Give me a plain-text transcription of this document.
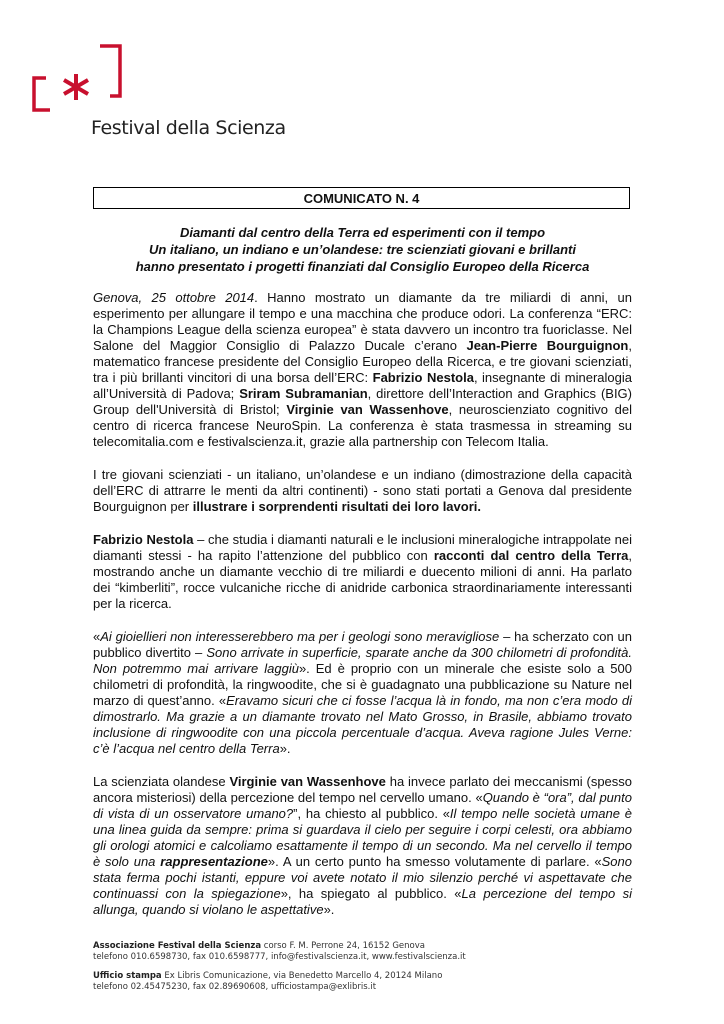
Festival della Scienza
COMUNICATO N. 4
Diamanti dal centro della Terra ed esperimenti con il tempo
Un italiano, un indiano e un’olandese: tre scienziati giovani e brillanti
hanno presentato i progetti finanziati dal Consiglio Europeo della Ricerca

Genova, 25 ottobre 2014. Hanno mostrato un diamante da tre miliardi di anni, un esperimento per allungare il tempo e una macchina che produce odori. La conferenza “ERC: la Champions League della scienza europea” è stata davvero un incontro tra fuoriclasse. Nel Salone del Maggior Consiglio di Palazzo Ducale c’erano Jean-Pierre Bourguignon, matematico francese presidente del Consiglio Europeo della Ricerca, e tre giovani scienziati, tra i più brillanti vincitori di una borsa dell’ERC: Fabrizio Nestola, insegnante di mineralogia all’Università di Padova; Sriram Subramanian, direttore dell’Interaction and Graphics (BIG) Group dell'Università di Bristol; Virginie van Wassenhove, neuroscienziato cognitivo del centro di ricerca francese NeuroSpin. La conferenza è stata trasmessa in streaming su telecomitalia.com e festivalscienza.it, grazie alla partnership con Telecom Italia.

I tre giovani scienziati - un italiano, un’olandese e un indiano (dimostrazione della capacità dell’ERC di attrarre le menti da altri continenti) - sono stati portati a Genova dal presidente Bourguignon per illustrare i sorprendenti risultati dei loro lavori.

Fabrizio Nestola – che studia i diamanti naturali e le inclusioni mineralogiche intrappolate nei diamanti stessi - ha rapito l’attenzione del pubblico con racconti dal centro della Terra, mostrando anche un diamante vecchio di tre miliardi e duecento milioni di anni. Ha parlato dei “kimberliti”, rocce vulcaniche ricche di anidride carbonica straordinariamente interessanti per la ricerca.

«Ai gioiellieri non interesserebbero ma per i geologi sono meravigliose – ha scherzato con un pubblico divertito – Sono arrivate in superficie, sparate anche da 300 chilometri di profondità. Non potremmo mai arrivare laggiù». Ed è proprio con un minerale che esiste solo a 500 chilometri di profondità, la ringwoodite, che si è guadagnato una pubblicazione su Nature nel marzo di quest’anno. «Eravamo sicuri che ci fosse l’acqua là in fondo, ma non c’era modo di dimostrarlo. Ma grazie a un diamante trovato nel Mato Grosso, in Brasile, abbiamo trovato inclusione di ringwoodite con una piccola percentuale d’acqua. Aveva ragione Jules Verne: c’è l’acqua nel centro della Terra».

La scienziata olandese Virginie van Wassenhove ha invece parlato dei meccanismi (spesso ancora misteriosi) della percezione del tempo nel cervello umano. «Quando è “ora”, dal punto di vista di un osservatore umano?”, ha chiesto al pubblico. «Il tempo nelle società umane è una linea guida da sempre: prima si guardava il cielo per seguire i corpi celesti, ora abbiamo gli orologi atomici e calcoliamo esattamente il tempo di un secondo. Ma nel cervello il tempo è solo una rappresentazione». A un certo punto ha smesso volutamente di parlare. «Sono stata ferma pochi istanti, eppure voi avete notato il mio silenzio perché vi aspettavate che continuassi con la spiegazione», ha spiegato al pubblico. «La percezione del tempo si allunga, quando si violano le aspettative».

Associazione Festival della Scienza corso F. M. Perrone 24, 16152 Genova
telefono 010.6598730, fax 010.6598777, info@festivalscienza.it, www.festivalscienza.it
Ufficio stampa Ex Libris Comunicazione, via Benedetto Marcello 4, 20124 Milano
telefono 02.45475230, fax 02.89690608, ufficiostampa@exlibris.it
